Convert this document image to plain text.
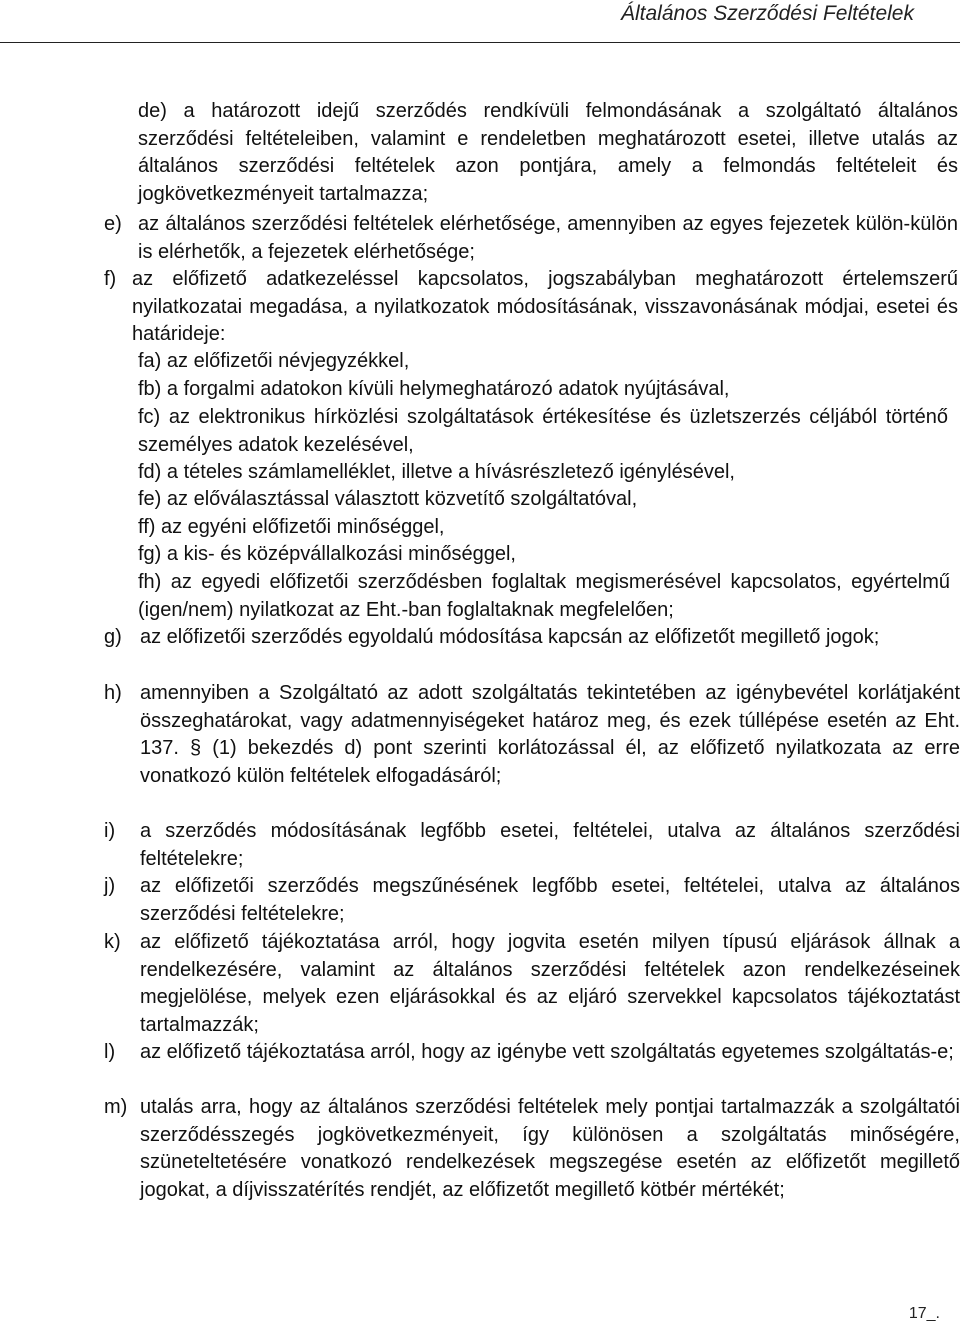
Általános Szerződési Feltételek
de) a határozott idejű szerződés rendkívüli felmondásának a szolgáltató általános szerződési feltételeiben, valamint e rendeletben meghatározott esetei, illetve utalás az általános szerződési feltételek azon pontjára, amely a felmondás feltételeit és jogkövetkezményeit tartalmazza;
e) az általános szerződési feltételek elérhetősége, amennyiben az egyes fejezetek külön-külön is elérhetők, a fejezetek elérhetősége;
f) az előfizető adatkezeléssel kapcsolatos, jogszabályban meghatározott értelemszerű nyilatkozatai megadása, a nyilatkozatok módosításának, visszavonásának módjai, esetei és határideje:
fa) az előfizetői névjegyzékkel,
fb) a forgalmi adatokon kívüli helymeghatározó adatok nyújtásával,
fc) az elektronikus hírközlési szolgáltatások értékesítése és üzletszerzés céljából történő személyes adatok kezelésével,
fd) a tételes számlamelléklet, illetve a hívásrészletező igénylésével,
fe) az előválasztással választott közvetítő szolgáltatóval,
ff) az egyéni előfizetői minőséggel,
fg) a kis- és középvállalkozási minőséggel,
fh) az egyedi előfizetői szerződésben foglaltak megismerésével kapcsolatos, egyértelmű (igen/nem) nyilatkozat az Eht.-ban foglaltaknak megfelelően;
g) az előfizetői szerződés egyoldalú módosítása kapcsán az előfizetőt megillető jogok;
h) amennyiben a Szolgáltató az adott szolgáltatás tekintetében az igénybevétel korlátjaként összeghatárokat, vagy adatmennyiségeket határoz meg, és ezek túllépése esetén az Eht. 137. § (1) bekezdés d) pont szerinti korlátozással él, az előfizető nyilatkozata az erre vonatkozó külön feltételek elfogadásáról;
i) a szerződés módosításának legfőbb esetei, feltételei, utalva az általános szerződési feltételekre;
j) az előfizetői szerződés megszűnésének legfőbb esetei, feltételei, utalva az általános szerződési feltételekre;
k) az előfizető tájékoztatása arról, hogy jogvita esetén milyen típusú eljárások állnak a rendelkezésére, valamint az általános szerződési feltételek azon rendelkezéseinek megjelölése, melyek ezen eljárásokkal és az eljáró szervekkel kapcsolatos tájékoztatást tartalmazzák;
l) az előfizető tájékoztatása arról, hogy az igénybe vett szolgáltatás egyetemes szolgáltatás-e;
m) utalás arra, hogy az általános szerződési feltételek mely pontjai tartalmazzák a szolgáltatói szerződésszegés jogkövetkezményeit, így különösen a szolgáltatás minőségére, szüneteltetésére vonatkozó rendelkezések megszegése esetén az előfizetőt megillető jogokat, a díjvisszatérítés rendjét, az előfizetőt megillető kötbér mértékét;
17_.
